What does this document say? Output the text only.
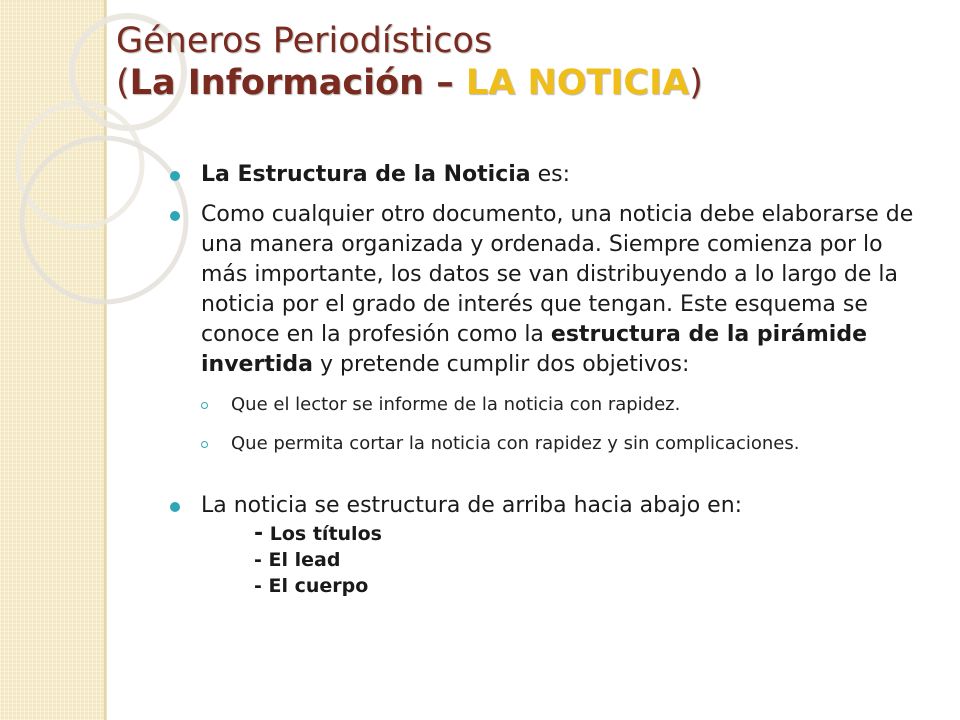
Géneros Periodísticos
(La Información – LA NOTICIA)
La Estructura de la Noticia es:
Como cualquier otro documento, una noticia debe elaborarse de una manera organizada y ordenada. Siempre comienza por lo más importante, los datos se van distribuyendo a lo largo de la noticia por el grado de interés que tengan. Este esquema se conoce en la profesión como la estructura de la pirámide invertida y pretende cumplir dos objetivos:
Que el lector se informe de la noticia con rapidez.
Que permita cortar la noticia con rapidez y sin complicaciones.
La noticia se estructura de arriba hacia abajo en:
- Los títulos
- El lead
- El cuerpo
